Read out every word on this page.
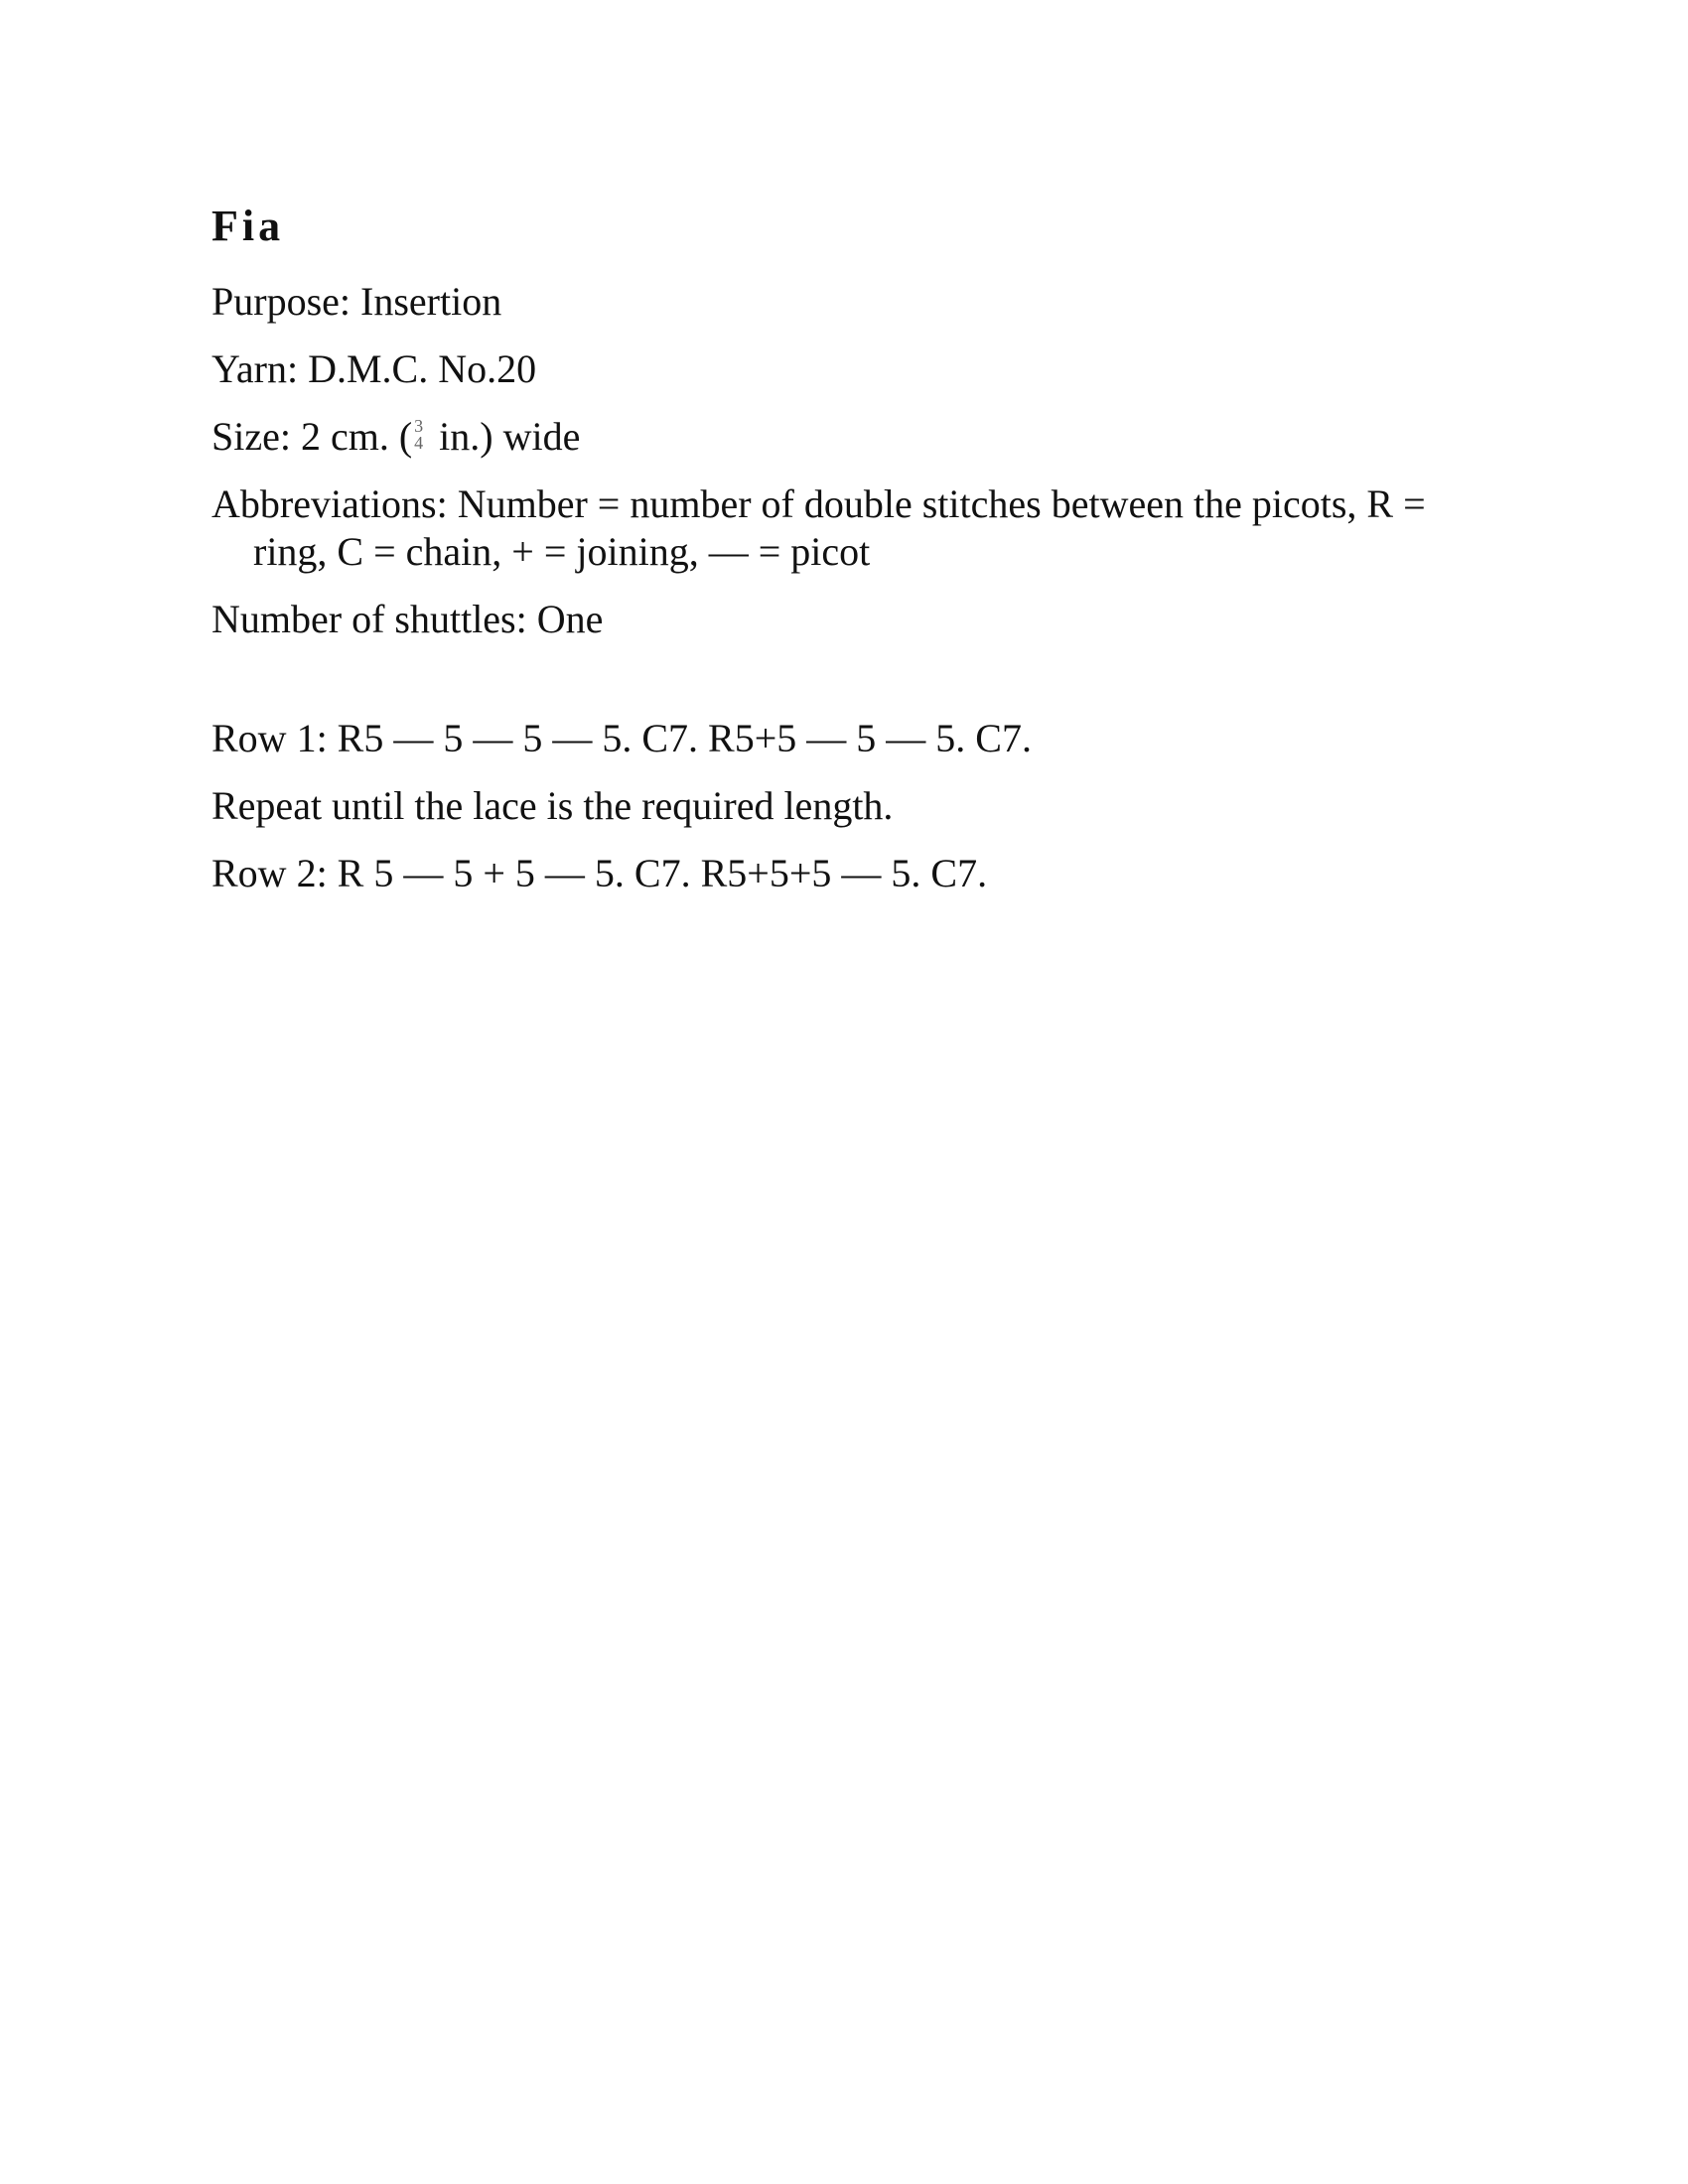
Fia

Purpose: Insertion

Yarn: D.M.C. No.20

Size: 2 cm. ( 3
4 in.) wide

Abbreviations: Number = number of double stitches between the picots, R = ring, C = chain, + = joining, — = picot

Number of shuttles: One

Row 1: R5 — 5 — 5 — 5. C7. R5+5 — 5 — 5. C7.

Repeat until the lace is the required length.

Row 2: R 5 — 5 + 5 — 5. C7. R5+5+5 — 5. C7.
